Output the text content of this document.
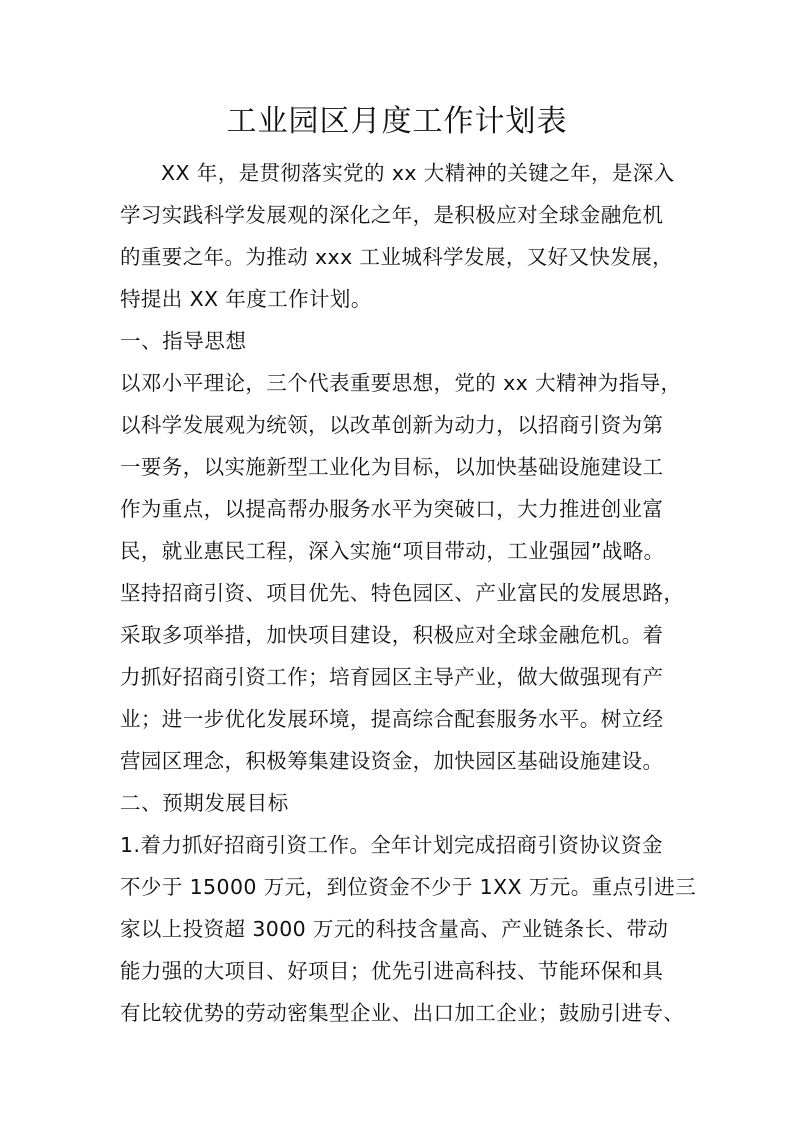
工业园区月度工作计划表
XX 年，是贯彻落实党的 xx 大精神的关键之年，是深入
学习实践科学发展观的深化之年，是积极应对全球金融危机
的重要之年。为推动 xxx 工业城科学发展，又好又快发展，
特提出 XX 年度工作计划。
一、指导思想
以邓小平理论，三个代表重要思想，党的 xx 大精神为指导，
以科学发展观为统领，以改革创新为动力，以招商引资为第
一要务，以实施新型工业化为目标，以加快基础设施建设工
作为重点，以提高帮办服务水平为突破口，大力推进创业富
民，就业惠民工程，深入实施“项目带动，工业强园”战略。
坚持招商引资、项目优先、特色园区、产业富民的发展思路，
采取多项举措，加快项目建设，积极应对全球金融危机。着
力抓好招商引资工作；培育园区主导产业，做大做强现有产
业；进一步优化发展环境，提高综合配套服务水平。树立经
营园区理念，积极筹集建设资金，加快园区基础设施建设。
二、预期发展目标
1.着力抓好招商引资工作。全年计划完成招商引资协议资金
不少于 15000 万元，到位资金不少于 1XX 万元。重点引进三
家以上投资超 3000 万元的科技含量高、产业链条长、带动
能力强的大项目、好项目；优先引进高科技、节能环保和具
有比较优势的劳动密集型企业、出口加工企业；鼓励引进专、
